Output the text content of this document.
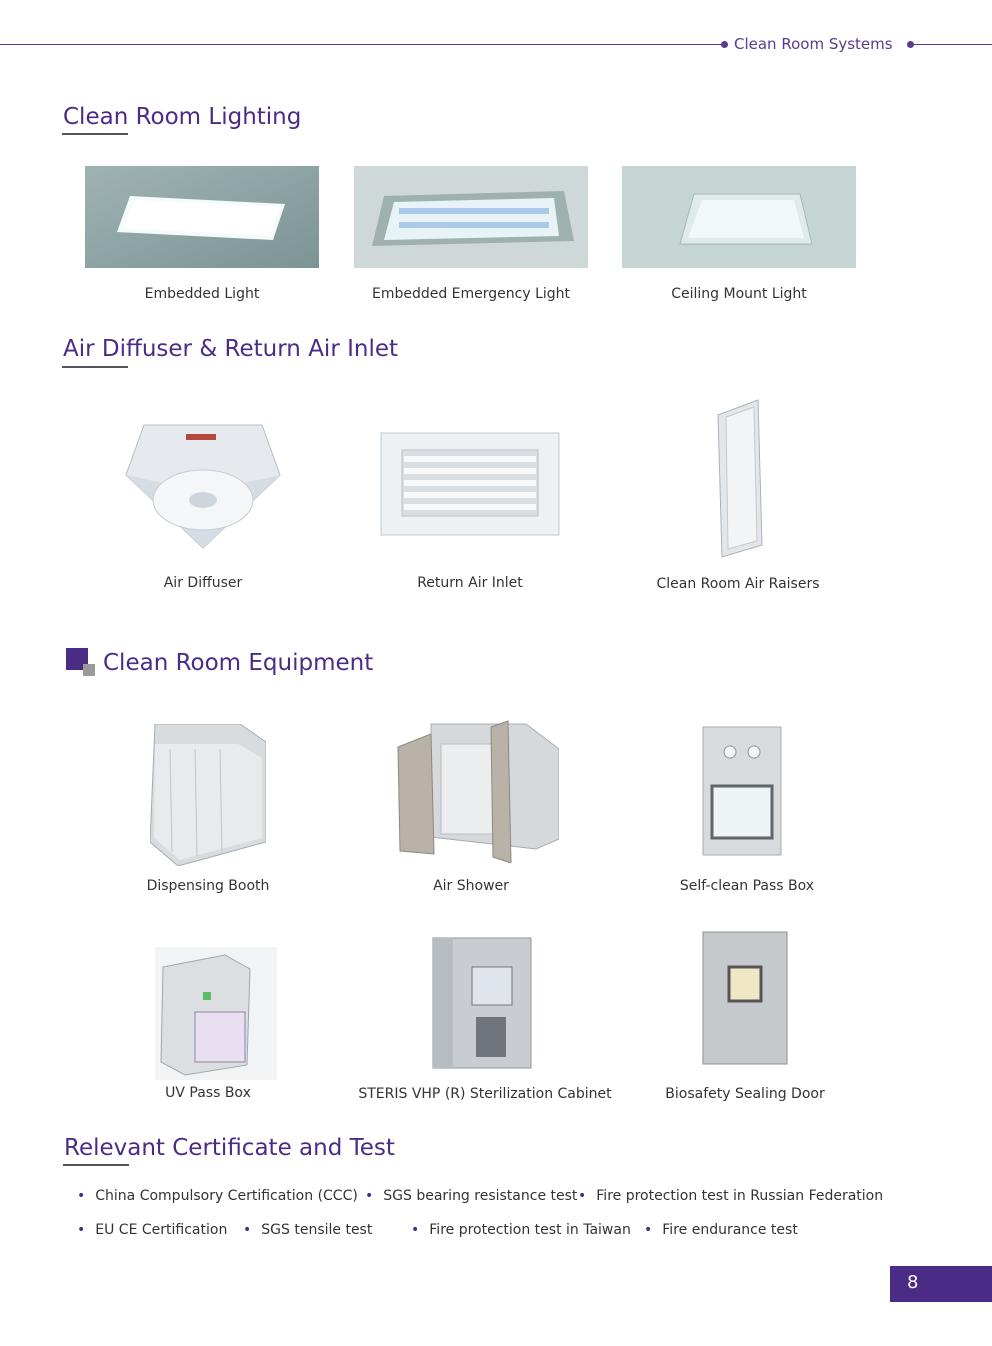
Clean Room Systems
Clean Room Lighting
Embedded Light	Embedded Emergency Light	Ceiling Mount Light
Air Diffuser & Return Air Inlet
Air Diffuser	Return Air Inlet	Clean Room Air Raisers
Clean Room Equipment
Dispensing Booth	Air Shower	Self-clean Pass Box
UV Pass Box	STERIS VHP (R) Sterilization Cabinet	Biosafety Sealing Door
Relevant Certificate and Test
• China Compulsory Certification (CCC)	• SGS bearing resistance test	• Fire protection test in Russian Federation
• EU CE Certification	• SGS tensile test	• Fire protection test in Taiwan	• Fire endurance test
8
